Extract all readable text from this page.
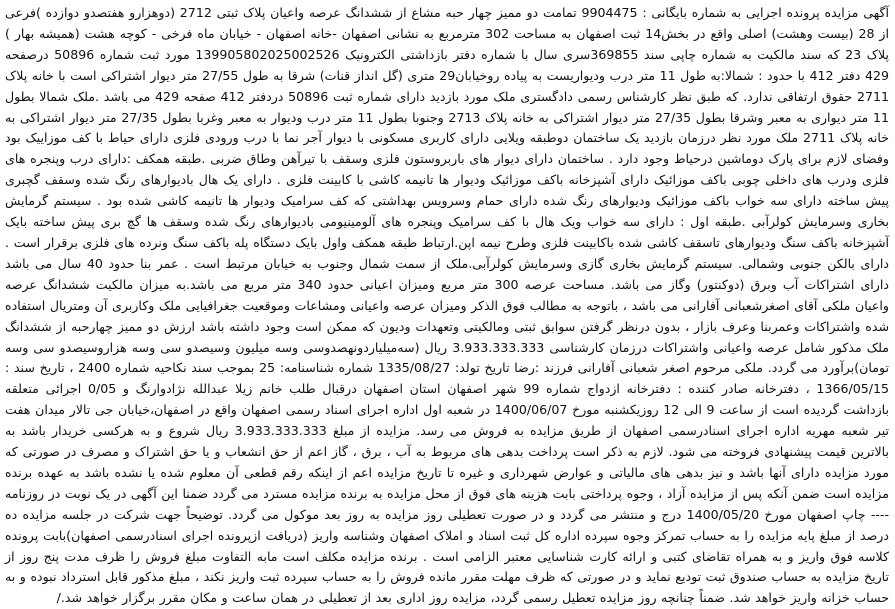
آگهی مزایده پرونده اجرایی به شماره بایگانی : 9904475 تمامت دو ممیز چهار حبه مشاع از ششدانگ عرصه واعیان پلاک ثبتی 2712 (دوهزارو هفتصدو دوازده )فرعی از 28 (بیست وهشت) اصلی واقع در بخش14 ثبت اصفهان به مساحت 302 مترمربع به نشانی اصفهان -خانه اصفهان - خیابان ماه فرخی - کوچه هشت (همیشه بهار ) پلاک 23 که سند مالکیت به شماره چاپی سند 369855سری سال با شماره دفتر بازداشتی الکترونیک 139905802025002526 مورد ثبت شماره 50896 درصفحه 429 دفتر 412 با حدود : شمالا:به طول 11 متر درب ودیواریست به پیاده روخیابان29 متری (گل انداز قنات) شرقا به طول 27/55 متر دیوار اشتراکی است با خانه پلاک 2711 حقوق ارتفاقی ندارد. که طبق نظر کارشناس رسمی دادگستری ملک مورد بازدید دارای شماره ثبت 50896 دردفتر 412 صفحه 429 می باشد .ملک شمالا بطول 11 متر دیواری به معبر وشرقا بطول 27/35 متر دیوار اشتراکی به خانه پلاک 2713 وجنوبا بطول 11 متر درب ودیوار به معبر وغربا بطول 27/35 متر دیوار اشتراکی به خانه پلاک 2711 ملک مورد نظر درزمان بازدید یک ساختمان دوطبقه ویلایی دارای کاربری مسکونی با دیوار آجر نما با درب ورودی فلزی دارای حیاط با کف موزاییک بود وفضای لازم برای پارک دوماشین درحیاط وجود دارد . ساختمان دارای دیوار های باربروستون فلزی وسقف با تیرآهن وطاق ضربی .طبقه همکف :دارای درب وپنجره های فلزی ودرب های داخلی چوبی باکف موزائیک دارای آشپزخانه باکف موزائیک ودیوار ها تانیمه کاشی با کابینت فلزی . دارای یک هال بادیوارهای رنگ شده وسقف گچبری پیش ساخته دارای سه خواب باکف موزائیک ودیوارهای رنگ شده دارای حمام وسرویس بهداشتی که کف سرامیک ودیوار ها تانیمه کاشی شده بود . سیستم گرمایش بخاری وسرمایش کولرآبی .طبقه اول : دارای سه خواب ویک هال با کف سرامیک وپنجره های آلومینیومی بادیوارهای رنگ شده وسقف ها گچ بری پیش ساخته بایک آشپزخانه باکف سنگ ودیوارهای تاسقف کاشی شده باکابینت فلزی وطرح نیمه اپن.ارتباط طبقه همکف واول بایک دستگاه پله باکف سنگ ونرده های فلزی برقرار است . دارای بالکن جنوبی وشمالی. سیستم گرمایش بخاری گازی وسرمایش کولرآبی.ملک از سمت شمال وجنوب به خیابان مرتبط است . عمر بنا حدود 40 سال می باشد دارای اشتراکات آب وبرق (دوکنتور) وگاز می باشد. مساحت عرصه 300 متر مربع ومیزان اعیانی حدود 340 متر مربع می باشد.به میزان مالکیت ششدانگ عرصه واعیان ملکی آقای اصغرشعبانی آفارانی می باشد ، باتوجه به مطالب فوق الذکر ومیزان عرصه واعیانی ومشاعات وموقعیت جغرافیایی ملک وکاربری آن ومتریال استفاده شده واشتراکات وعمربنا وعرف بازار ، بدون درنظر گرفتن سوابق ثبتی ومالکیتی وتعهدات ودیون که ممکن است وجود داشته باشد ارزش دو ممیز چهارحبه از ششدانگ ملک مذکور شامل عرصه واعیانی واشتراکات درزمان کارشناسی 3.933.333.333 ریال (سه‌میلیاردونهصدوسی وسه میلیون وسیصدو سی وسه هزاروسیصدو سی وسه تومان)برآورد می گردد. ملکی مرحوم اصغر شعبانی آفارانی فرزند :رضا تاریخ تولد: 1335/08/27 شماره شناسنامه: 25 بموجب سند نکاحیه شماره 2400 ، تاریخ سند : 1366/05/15 ، دفترخانه صادر کننده : دفترخانه ازدواج شماره 99 شهر اصفهان استان اصفهان درقبال طلب خانم زیلا عبدالله نژادوارنگ و 0/05 اجرائی متعلقه بازداشت گردیده است از ساعت 9 الی 12 روزیکشنبه مورخ 1400/06/07 در شعبه اول اداره اجرای اسناد رسمی اصفهان واقع در اصفهان،خیابان جی تالار میدان هفت تیر شعبه مهریه اداره اجرای اسنادرسمی اصفهان از طریق مزایده به فروش می رسد. مزایده از مبلغ 3.933.333.333 ریال شروع و به هرکسی خریدار باشد به بالاترین قیمت پیشنهادی فروخته می شود. لازم به ذکر است پرداخت بدهی های مربوط به آب ، برق ، گاز اعم از حق انشعاب و یا حق اشتراک و مصرف در صورتی که مورد مزایده دارای آنها باشد و نیز بدهی های مالیاتی و عوارض شهرداری و غیره تا تاریخ مزایده اعم از اینکه رقم قطعی آن معلوم شده یا نشده باشد به عهده برنده مزایده است ضمن آنکه پس از مزایده آزاد ، وجوه پرداختی بابت هزینه های فوق از محل مزایده به برنده مزایده مسترد می گردد ضمنا این آگهی در یک نوبت در روزنامه ---- چاپ اصفهان مورخ 1400/05/20 درج و منتشر می گردد و در صورت تعطیلی روز مزایده به روز بعد موکول می گردد. توضیحاً جهت شرکت در جلسه مزایده ده درصد از مبلغ پایه مزایده را به حساب تمرکز وجوه سپرده اداره کل ثبت اسناد و املاک اصفهان وشناسه واریز (دریافت ازپرونده اجرای اسنادرسمی اصفهان)بابت پرونده کلاسه فوق واریز و به همراه تقاضای کتبی و ارائه کارت شناسایی معتبر الزامی است . برنده مزایده مکلف است مابه التفاوت مبلغ فروش را ظرف مدت پنج روز از تاریخ مزایده به حساب صندوق ثبت تودیع نماید و در صورتی که ظرف مهلت مقرر مانده فروش را به حساب سپرده ثبت واریز نکند ، مبلغ مذکور قابل استرداد نبوده و به حساب خزانه واریز خواهد شد. ضمناً چنانچه روز مزایده تعطیل رسمی گردد، مزایده روز اداری بعد از تعطیلی در همان ساعت و مکان مقرر برگزار خواهد شد./
